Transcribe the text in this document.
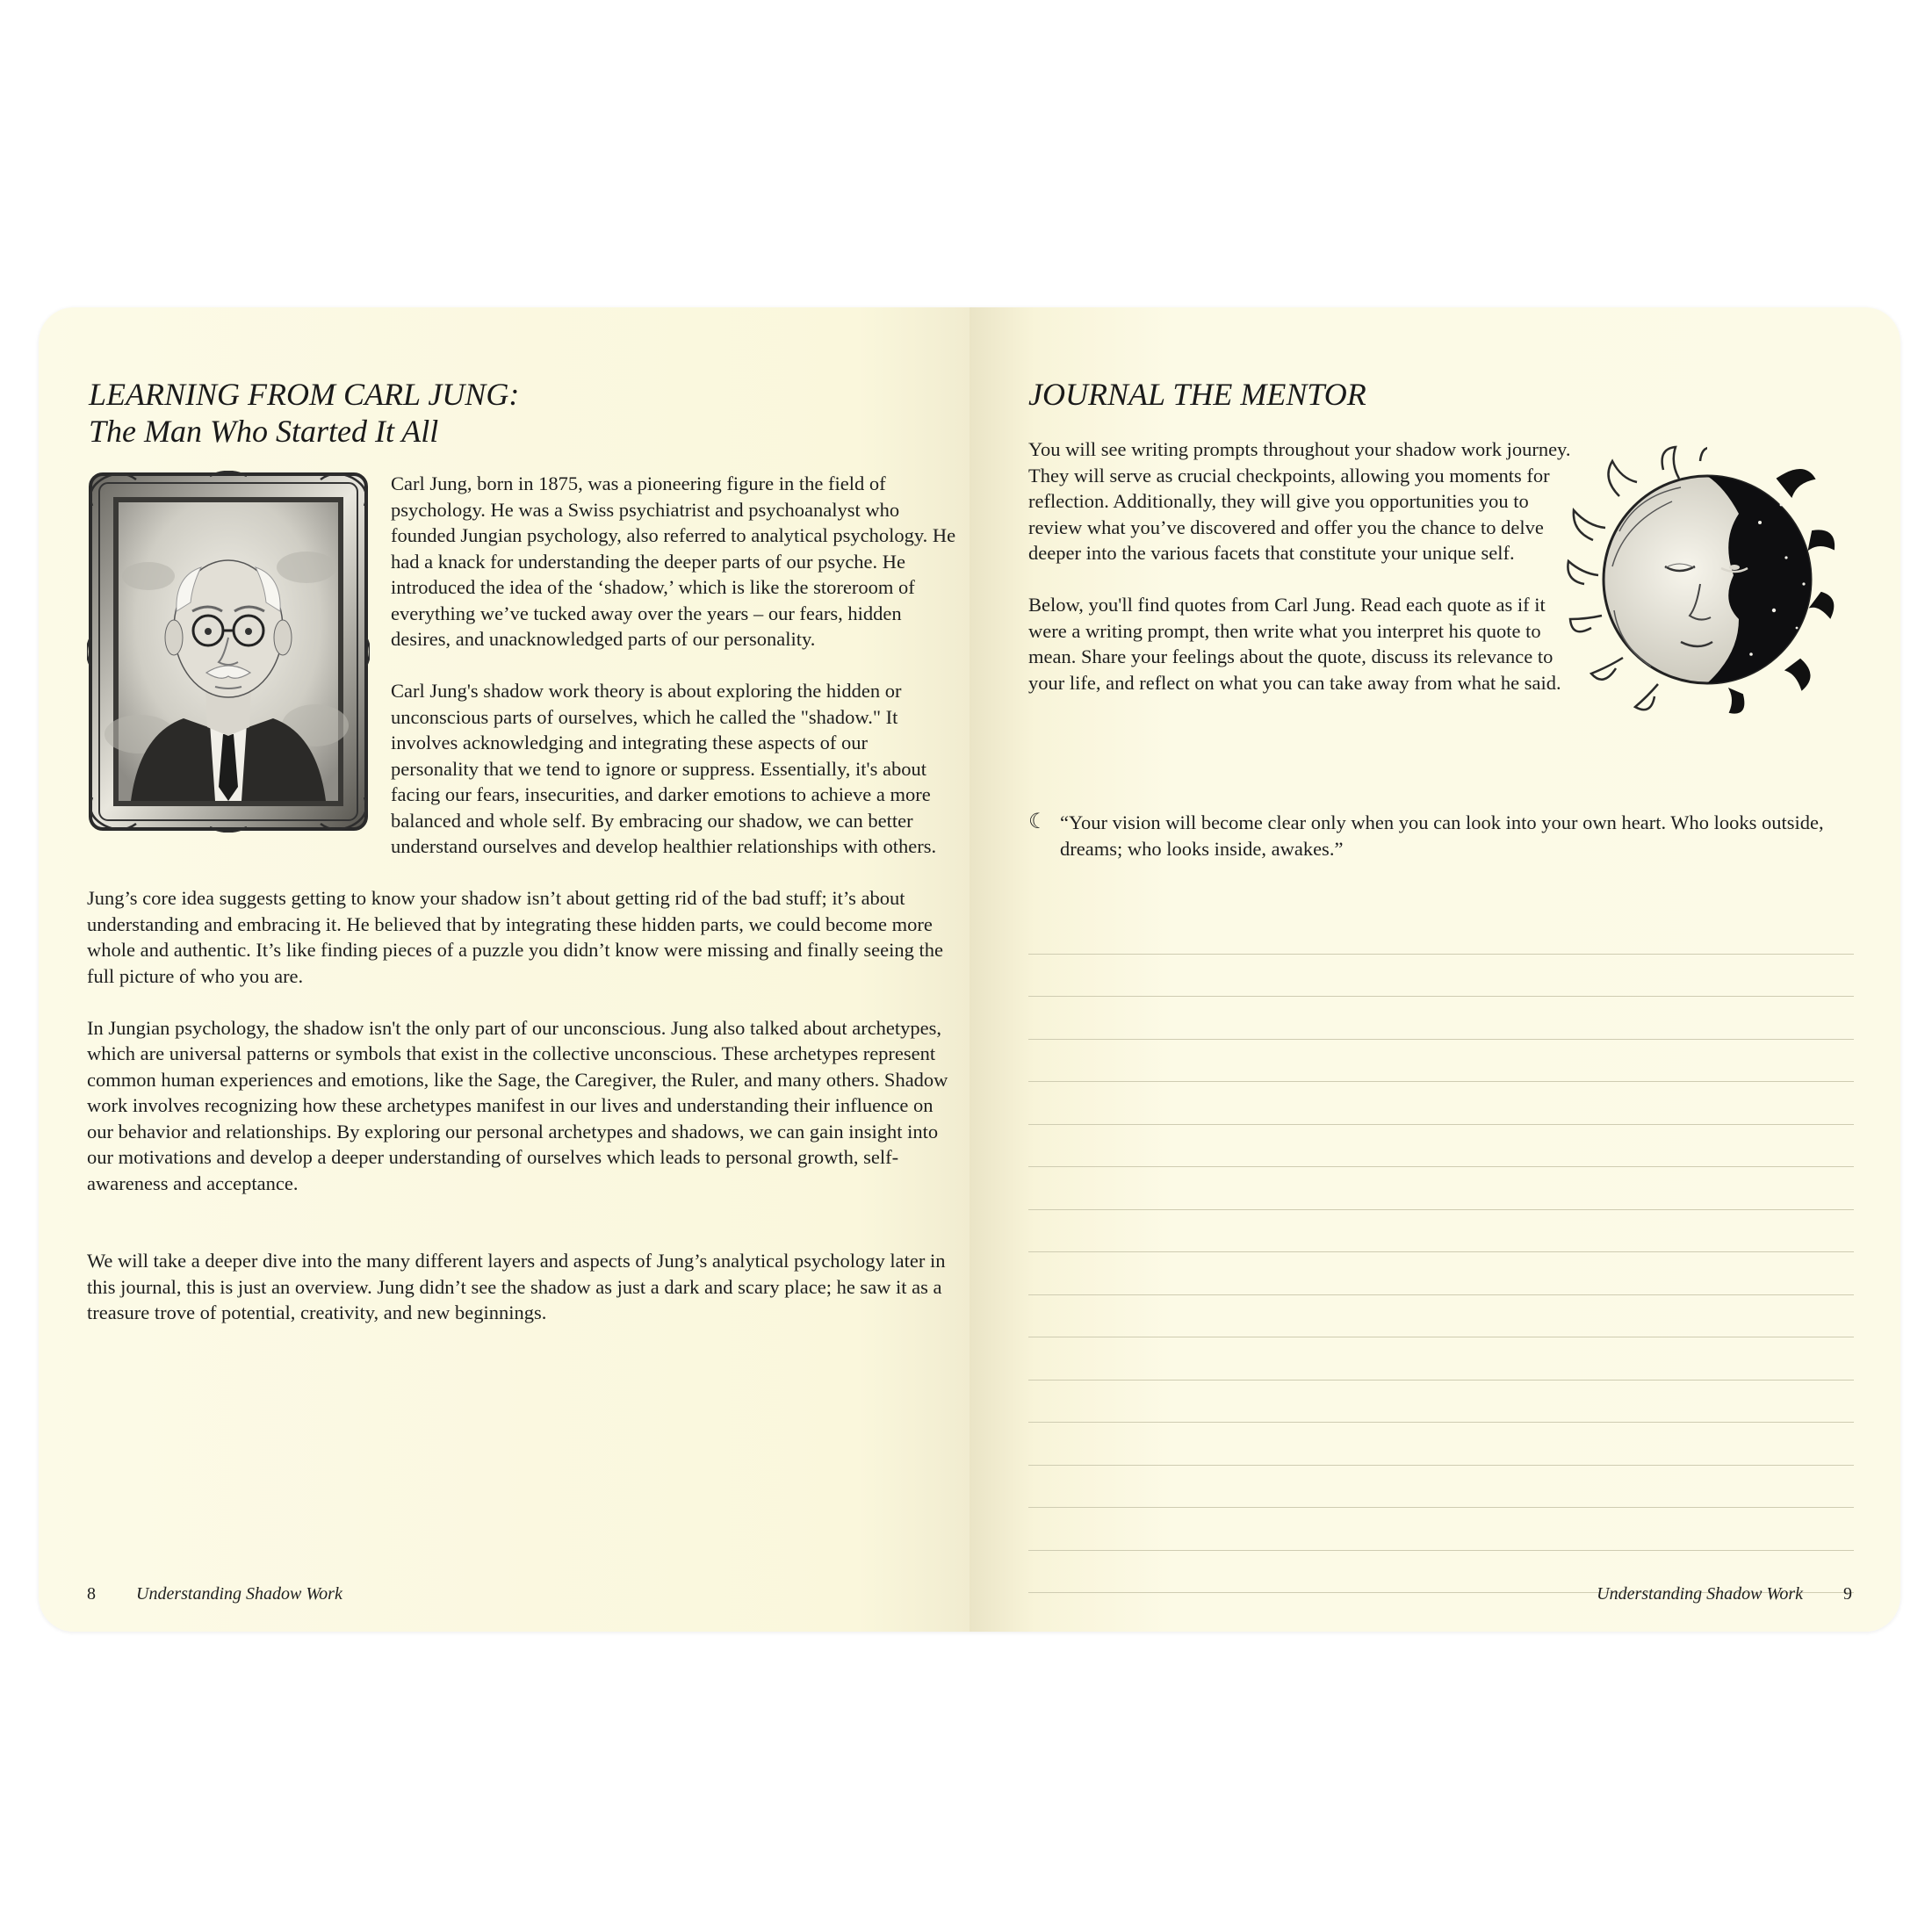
LEARNING FROM CARL JUNG:
The Man Who Started It All

Carl Jung, born in 1875, was a pioneering figure in the field of psychology. He was a Swiss psychiatrist and psychoanalyst who founded Jungian psychology, also referred to analytical psychology. He had a knack for understanding the deeper parts of our psyche. He introduced the idea of the ‘shadow,’ which is like the storeroom of everything we’ve tucked away over the years – our fears, hidden desires, and unacknowledged parts of our personality.

Carl Jung's shadow work theory is about exploring the hidden or unconscious parts of ourselves, which he called the "shadow." It involves acknowledging and integrating these aspects of our personality that we tend to ignore or suppress. Essentially, it's about facing our fears, insecurities, and darker emotions to achieve a more balanced and whole self. By embracing our shadow, we can better understand ourselves and develop healthier relationships with others.

Jung’s core idea suggests getting to know your shadow isn’t about getting rid of the bad stuff; it’s about understanding and embracing it. He believed that by integrating these hidden parts, we could become more whole and authentic. It’s like finding pieces of a puzzle you didn’t know were missing and finally seeing the full picture of who you are.

In Jungian psychology, the shadow isn't the only part of our unconscious. Jung also talked about archetypes, which are universal patterns or symbols that exist in the collective unconscious. These archetypes represent common human experiences and emotions, like the Sage, the Caregiver, the Ruler, and many others. Shadow work involves recognizing how these archetypes manifest in our lives and understanding their influence on our behavior and relationships. By exploring our personal archetypes and shadows, we can gain insight into our motivations and develop a deeper understanding of ourselves which leads to personal growth, self-awareness and acceptance.

We will take a deeper dive into the many different layers and aspects of Jung’s analytical psychology later in this journal, this is just an overview. Jung didn’t see the shadow as just a dark and scary place; he saw it as a treasure trove of potential, creativity, and new beginnings.

8 Understanding Shadow Work
JOURNAL THE MENTOR

You will see writing prompts throughout your shadow work journey. They will serve as crucial checkpoints, allowing you moments for reflection. Additionally, they will give you opportunities you to review what you’ve discovered and offer you the chance to delve deeper into the various facets that constitute your unique self.

Below, you'll find quotes from Carl Jung. Read each quote as if it were a writing prompt, then write what you interpret his quote to mean. Share your feelings about the quote, discuss its relevance to your life, and reflect on what you can take away from what he said.

☾ “Your vision will become clear only when you can look into your own heart. Who looks outside, dreams; who looks inside, awakes.”
Understanding Shadow Work 9
